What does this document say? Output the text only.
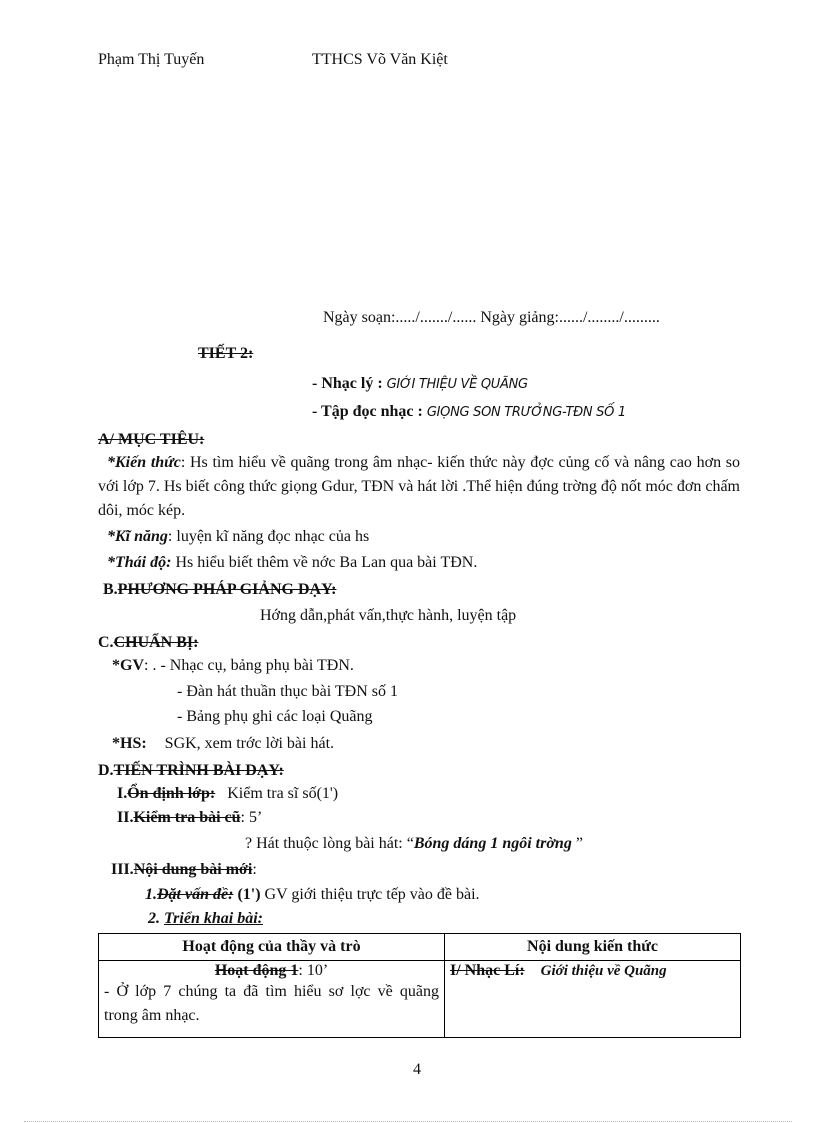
Phạm Thị Tuyến	TTHCS Võ Văn Kiệt
Ngày soạn:...../......./...... Ngày giảng:....../......../.........
TIẾT 2:
- Nhạc lý : GIỚI THIỆU VỀ QUÃNG
- Tập đọc nhạc : GIỌNG SON TRƯỞNG-TĐN SỐ 1
A/ MỤC TIÊU:
*Kiến thức: Hs tìm hiểu về quãng trong âm nhạc- kiến thức này đợc củng cố và nâng cao hơn so với lớp 7. Hs biết công thức giọng Gdur, TĐN và hát lời .Thể hiện đúng trờng độ nốt móc đơn chấm dôi, móc kép.
*Kĩ năng: luyện kĩ năng đọc nhạc của hs
*Thái độ: Hs hiểu biết thêm về nớc Ba Lan qua bài TĐN.
B.PHƯƠNG PHÁP GIẢNG DẠY:
Hớng dẫn,phát vấn,thực hành, luyện tập
C.CHUẨN BỊ:
*GV: . - Nhạc cụ, bảng phụ bài TĐN.
- Đàn hát thuần thục bài TĐN số 1
- Bảng phụ ghi các loại Quãng
*HS: SGK, xem trớc lời bài hát.
D.TIẾN TRÌNH BÀI DẠY:
I.Ổn định lớp: Kiểm tra sĩ số(1')
II.Kiểm tra bài cũ: 5’
? Hát thuộc lòng bài hát: “Bóng dáng 1 ngôi trờng ”
III.Nội dung bài mới:
1.Đặt vấn đề: (1') GV giới thiệu trực tếp vào đề bài.
2. Triển khai bài:
Hoạt động của thầy và trò	Nội dung kiến thức

Hoạt động 1: 10’
- Ở lớp 7 chúng ta đã tìm hiểu sơ lợc về quãng trong âm nhạc.	I/ Nhạc Lí: Giới thiệu về Quãng
4
